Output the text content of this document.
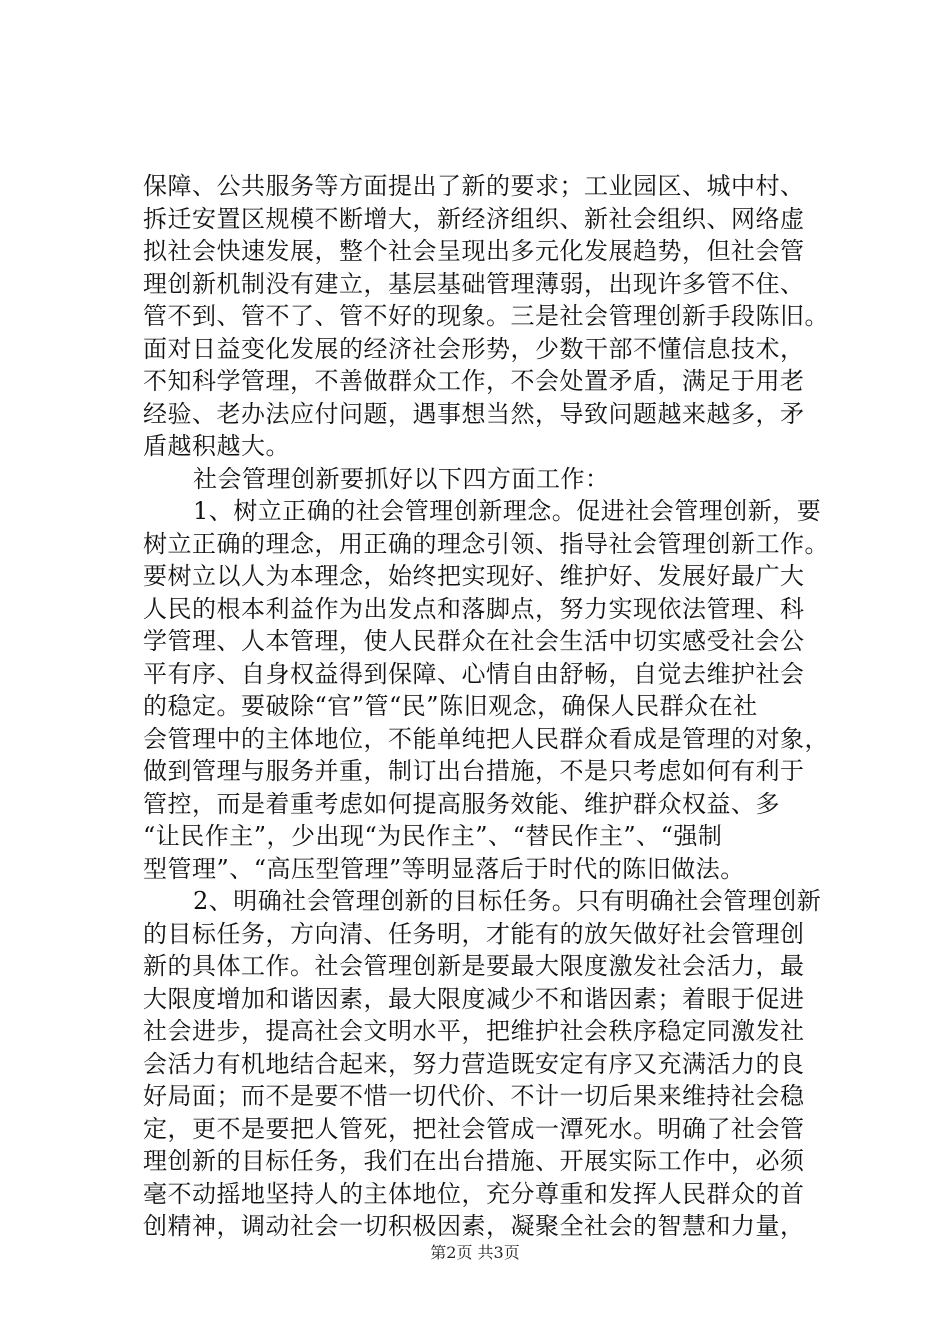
保障、公共服务等方面提出了新的要求；工业园区、城中村、
拆迁安置区规模不断增大，新经济组织、新社会组织、网络虚
拟社会快速发展，整个社会呈现出多元化发展趋势，但社会管
理创新机制没有建立，基层基础管理薄弱，出现许多管不住、
管不到、管不了、管不好的现象。三是社会管理创新手段陈旧。
面对日益变化发展的经济社会形势，少数干部不懂信息技术，
不知科学管理，不善做群众工作，不会处置矛盾，满足于用老
经验、老办法应付问题，遇事想当然，导致问题越来越多，矛
盾越积越大。
社会管理创新要抓好以下四方面工作：
1、树立正确的社会管理创新理念。促进社会管理创新，要
树立正确的理念，用正确的理念引领、指导社会管理创新工作。
要树立以人为本理念，始终把实现好、维护好、发展好最广大
人民的根本利益作为出发点和落脚点，努力实现依法管理、科
学管理、人本管理，使人民群众在社会生活中切实感受社会公
平有序、自身权益得到保障、心情自由舒畅，自觉去维护社会
的稳定。要破除“官”管“民”陈旧观念，确保人民群众在社
会管理中的主体地位，不能单纯把人民群众看成是管理的对象，
做到管理与服务并重，制订出台措施，不是只考虑如何有利于
管控，而是着重考虑如何提高服务效能、维护群众权益、多
“让民作主”，少出现“为民作主”、“替民作主”、“强制
型管理”、“高压型管理”等明显落后于时代的陈旧做法。
2、明确社会管理创新的目标任务。只有明确社会管理创新
的目标任务，方向清、任务明，才能有的放矢做好社会管理创
新的具体工作。社会管理创新是要最大限度激发社会活力，最
大限度增加和谐因素，最大限度减少不和谐因素；着眼于促进
社会进步，提高社会文明水平，把维护社会秩序稳定同激发社
会活力有机地结合起来，努力营造既安定有序又充满活力的良
好局面；而不是要不惜一切代价、不计一切后果来维持社会稳
定，更不是要把人管死，把社会管成一潭死水。明确了社会管
理创新的目标任务，我们在出台措施、开展实际工作中，必须
毫不动摇地坚持人的主体地位，充分尊重和发挥人民群众的首
创精神，调动社会一切积极因素，凝聚全社会的智慧和力量，
第2页 共3页
